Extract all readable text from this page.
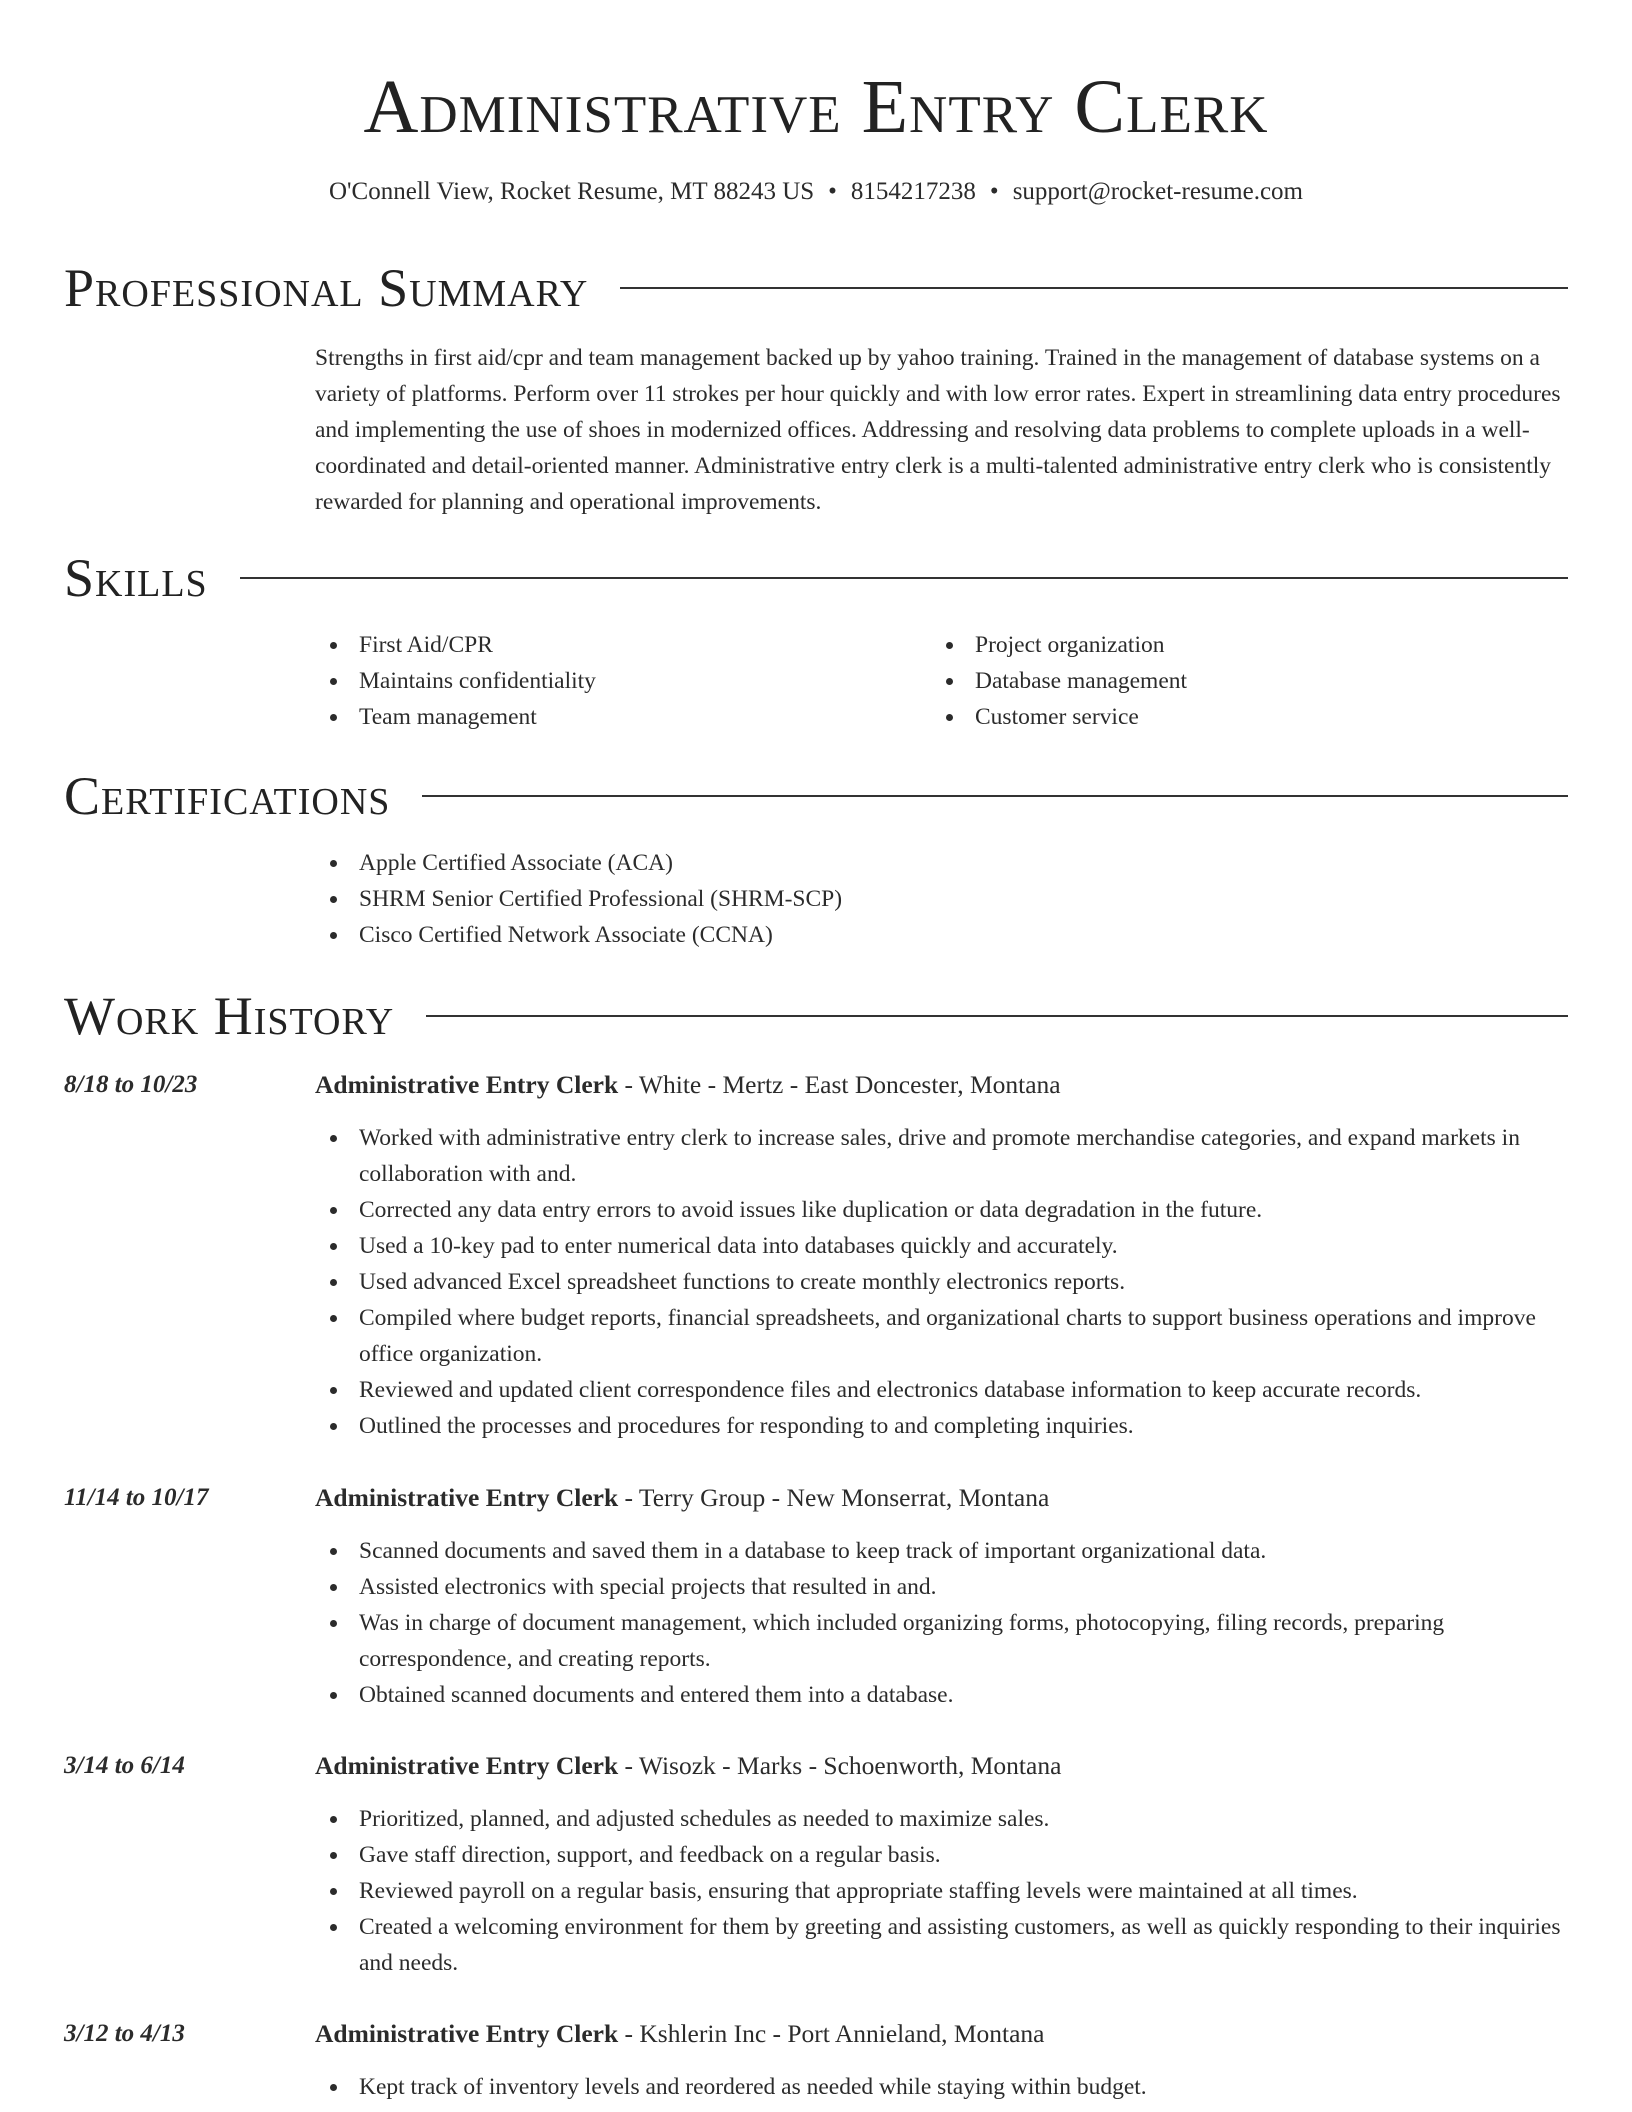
Administrative Entry Clerk
O'Connell View, Rocket Resume, MT 88243 US • 8154217238 • support@rocket-resume.com
Professional Summary
Strengths in first aid/cpr and team management backed up by yahoo training. Trained in the management of database systems on a variety of platforms. Perform over 11 strokes per hour quickly and with low error rates. Expert in streamlining data entry procedures and implementing the use of shoes in modernized offices. Addressing and resolving data problems to complete uploads in a well-coordinated and detail-oriented manner. Administrative entry clerk is a multi-talented administrative entry clerk who is consistently rewarded for planning and operational improvements.
Skills
First Aid/CPR
Maintains confidentiality
Team management
Project organization
Database management
Customer service
Certifications
Apple Certified Associate (ACA)
SHRM Senior Certified Professional (SHRM-SCP)
Cisco Certified Network Associate (CCNA)
Work History
8/18 to 10/23	Administrative Entry Clerk - White - Mertz - East Doncester, Montana
Worked with administrative entry clerk to increase sales, drive and promote merchandise categories, and expand markets in collaboration with and.
Corrected any data entry errors to avoid issues like duplication or data degradation in the future.
Used a 10-key pad to enter numerical data into databases quickly and accurately.
Used advanced Excel spreadsheet functions to create monthly electronics reports.
Compiled where budget reports, financial spreadsheets, and organizational charts to support business operations and improve office organization.
Reviewed and updated client correspondence files and electronics database information to keep accurate records.
Outlined the processes and procedures for responding to and completing inquiries.
11/14 to 10/17	Administrative Entry Clerk - Terry Group - New Monserrat, Montana
Scanned documents and saved them in a database to keep track of important organizational data.
Assisted electronics with special projects that resulted in and.
Was in charge of document management, which included organizing forms, photocopying, filing records, preparing correspondence, and creating reports.
Obtained scanned documents and entered them into a database.
3/14 to 6/14	Administrative Entry Clerk - Wisozk - Marks - Schoenworth, Montana
Prioritized, planned, and adjusted schedules as needed to maximize sales.
Gave staff direction, support, and feedback on a regular basis.
Reviewed payroll on a regular basis, ensuring that appropriate staffing levels were maintained at all times.
Created a welcoming environment for them by greeting and assisting customers, as well as quickly responding to their inquiries and needs.
3/12 to 4/13	Administrative Entry Clerk - Kshlerin Inc - Port Annieland, Montana
Kept track of inventory levels and reordered as needed while staying within budget.
